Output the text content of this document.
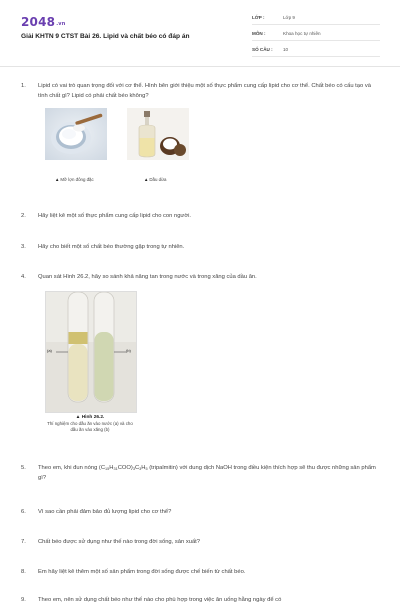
2048.vn
Giải KHTN 9 CTST Bài 26. Lipid và chất béo có đáp án
LỚP :	Lớp 9
MÔN :	Khoa học tự nhiên
SỐ CÂU : 10
1. Lipid có vai trò quan trọng đối với cơ thể. Hình bên giới thiệu một số thực phẩm cung cấp lipid cho cơ thể. Chất béo có cấu tạo và tính chất gì? Lipid có phải chất béo không?
▲Mỡ lợn đông đặc	▲Dầu dừa
2. Hãy liệt kê một số thực phẩm cung cấp lipid cho con người.
3. Hãy cho biết một số chất béo thường gặp trong tự nhiên.
4. Quan sát Hình 26.2, hãy so sánh khả năng tan trong nước và trong xăng của dầu ăn.
(a)	(b)
▲ Hình 26.2.
Thí nghiệm cho dầu ăn vào nước (a) và cho dầu ăn vào xăng (b)
5. Theo em, khi đun nóng $(C_{15}H_{31}COO)_3C_3H_5$ (tripalmitin) với dung dịch NaOH trong điều kiện thích hợp sẽ thu được những sản phẩm gì?
6. Vì sao cần phải đảm bảo đủ lượng lipid cho cơ thể?
7. Chất béo được sử dụng như thế nào trong đời sống, sản xuất?
8. Em hãy liệt kê thêm một số sản phẩm trong đời sống được chế biến từ chất béo.
9. Theo em, nên sử dụng chất béo như thế nào cho phù hợp trong việc ăn uống hằng ngày để có
